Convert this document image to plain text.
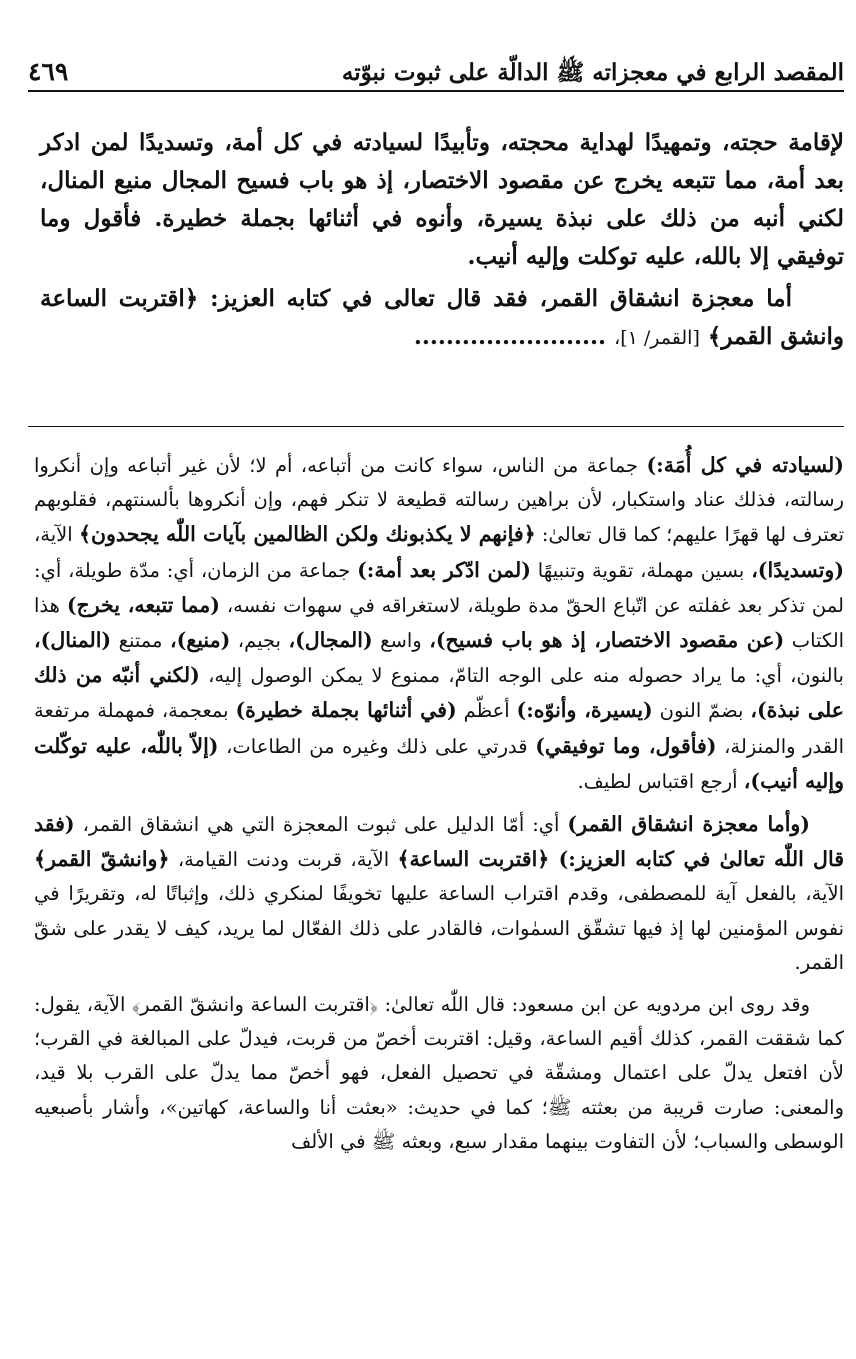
المقصد الرابع في معجزاته ﷺ الدالّة على ثبوت نبوّته
٤٦٩

لإقامة حجته، وتمهيدًا لهداية محجته، وتأبيدًا لسيادته في كل أمة، وتسديدًا لمن ادكر بعد أمة، مما تتبعه يخرج عن مقصود الاختصار، إذ هو باب فسيح المجال منيع المنال، لكني أنبه من ذلك على نبذة يسيرة، وأنوه في أثنائها بجملة خطيرة. فأقول وما توفيقي إلا بالله، عليه توكلت وإليه أنيب.

أما معجزة انشقاق القمر، فقد قال تعالى في كتابه العزيز: ﴿اقتربت الساعة وانشق القمر﴾ [القمر/ ١]، ........................

(لسيادته في كل أُمَة:) جماعة من الناس، سواء كانت من أتباعه، أم لا؛ لأن غير أتباعه وإن أنكروا رسالته، فذلك عناد واستكبار، لأن براهين رسالته قطيعة لا تنكر فهم، وإن أنكروها بألسنتهم، فقلوبهم تعترف لها قهرًا عليهم؛ كما قال تعالىٰ: ﴿فإنهم لا يكذبونك ولكن الظالمين بآيات اللّٰه يجحدون﴾ الآية، (وتسديدًا)، بسين مهملة، تقوية وتنبيهًا (لمن ادّكر بعد أمة:) جماعة من الزمان، أي: مدّة طويلة، أي: لمن تذكر بعد غفلته عن اتّباع الحقّ مدة طويلة، لاستغراقه في سهوات نفسه، (مما تتبعه، يخرج) هذا الكتاب (عن مقصود الاختصار، إذ هو باب فسيح)، واسع (المجال)، بجيم، (منيع)، ممتنع (المنال)، بالنون، أي: ما يراد حصوله منه على الوجه التامّ، ممنوع لا يمكن الوصول إليه، (لكني أنبّه من ذلك على نبذة)، بضمّ النون (يسيرة، وأنوّه:) أعظّم (في أثنائها بجملة خطيرة) بمعجمة، فمهملة مرتفعة القدر والمنزلة، (فأقول، وما توفيقي) قدرتي على ذلك وغيره من الطاعات، (إلاّ باللّٰه، عليه توكّلت وإليه أنيب)، أرجع اقتباس لطيف.

(وأما معجزة انشقاق القمر) أي: أمّا الدليل على ثبوت المعجزة التي هي انشقاق القمر، (فقد قال اللّٰه تعالىٰ في كتابه العزيز:) ﴿اقتربت الساعة﴾ الآية، قربت ودنت القيامة، ﴿وانشقّ القمر﴾ الآية، بالفعل آية للمصطفى، وقدم اقتراب الساعة عليها تخويفًا لمنكري ذلك، وإثباتًا له، وتقريرًا في نفوس المؤمنين لها إذ فيها تشقّق السمٰوات، فالقادر على ذلك الفعّال لما يريد، كيف لا يقدر على شقّ القمر.

وقد روى ابن مردويه عن ابن مسعود: قال اللّٰه تعالىٰ: ﴿اقتربت الساعة وانشقّ القمر﴾ الآية، يقول: كما شققت القمر، كذلك أقيم الساعة، وقيل: اقتربت أخصّ من قربت، فيدلّ على المبالغة في القرب؛ لأن افتعل يدلّ على اعتمال ومشقّة في تحصيل الفعل، فهو أخصّ مما يدلّ على القرب بلا قيد، والمعنى: صارت قريبة من بعثته ﷺ؛ كما في حديث: «بعثت أنا والساعة، كهاتين»، وأشار بأصبعيه الوسطى والسباب؛ لأن التفاوت بينهما مقدار سبع، وبعثه ﷺ في الألف
